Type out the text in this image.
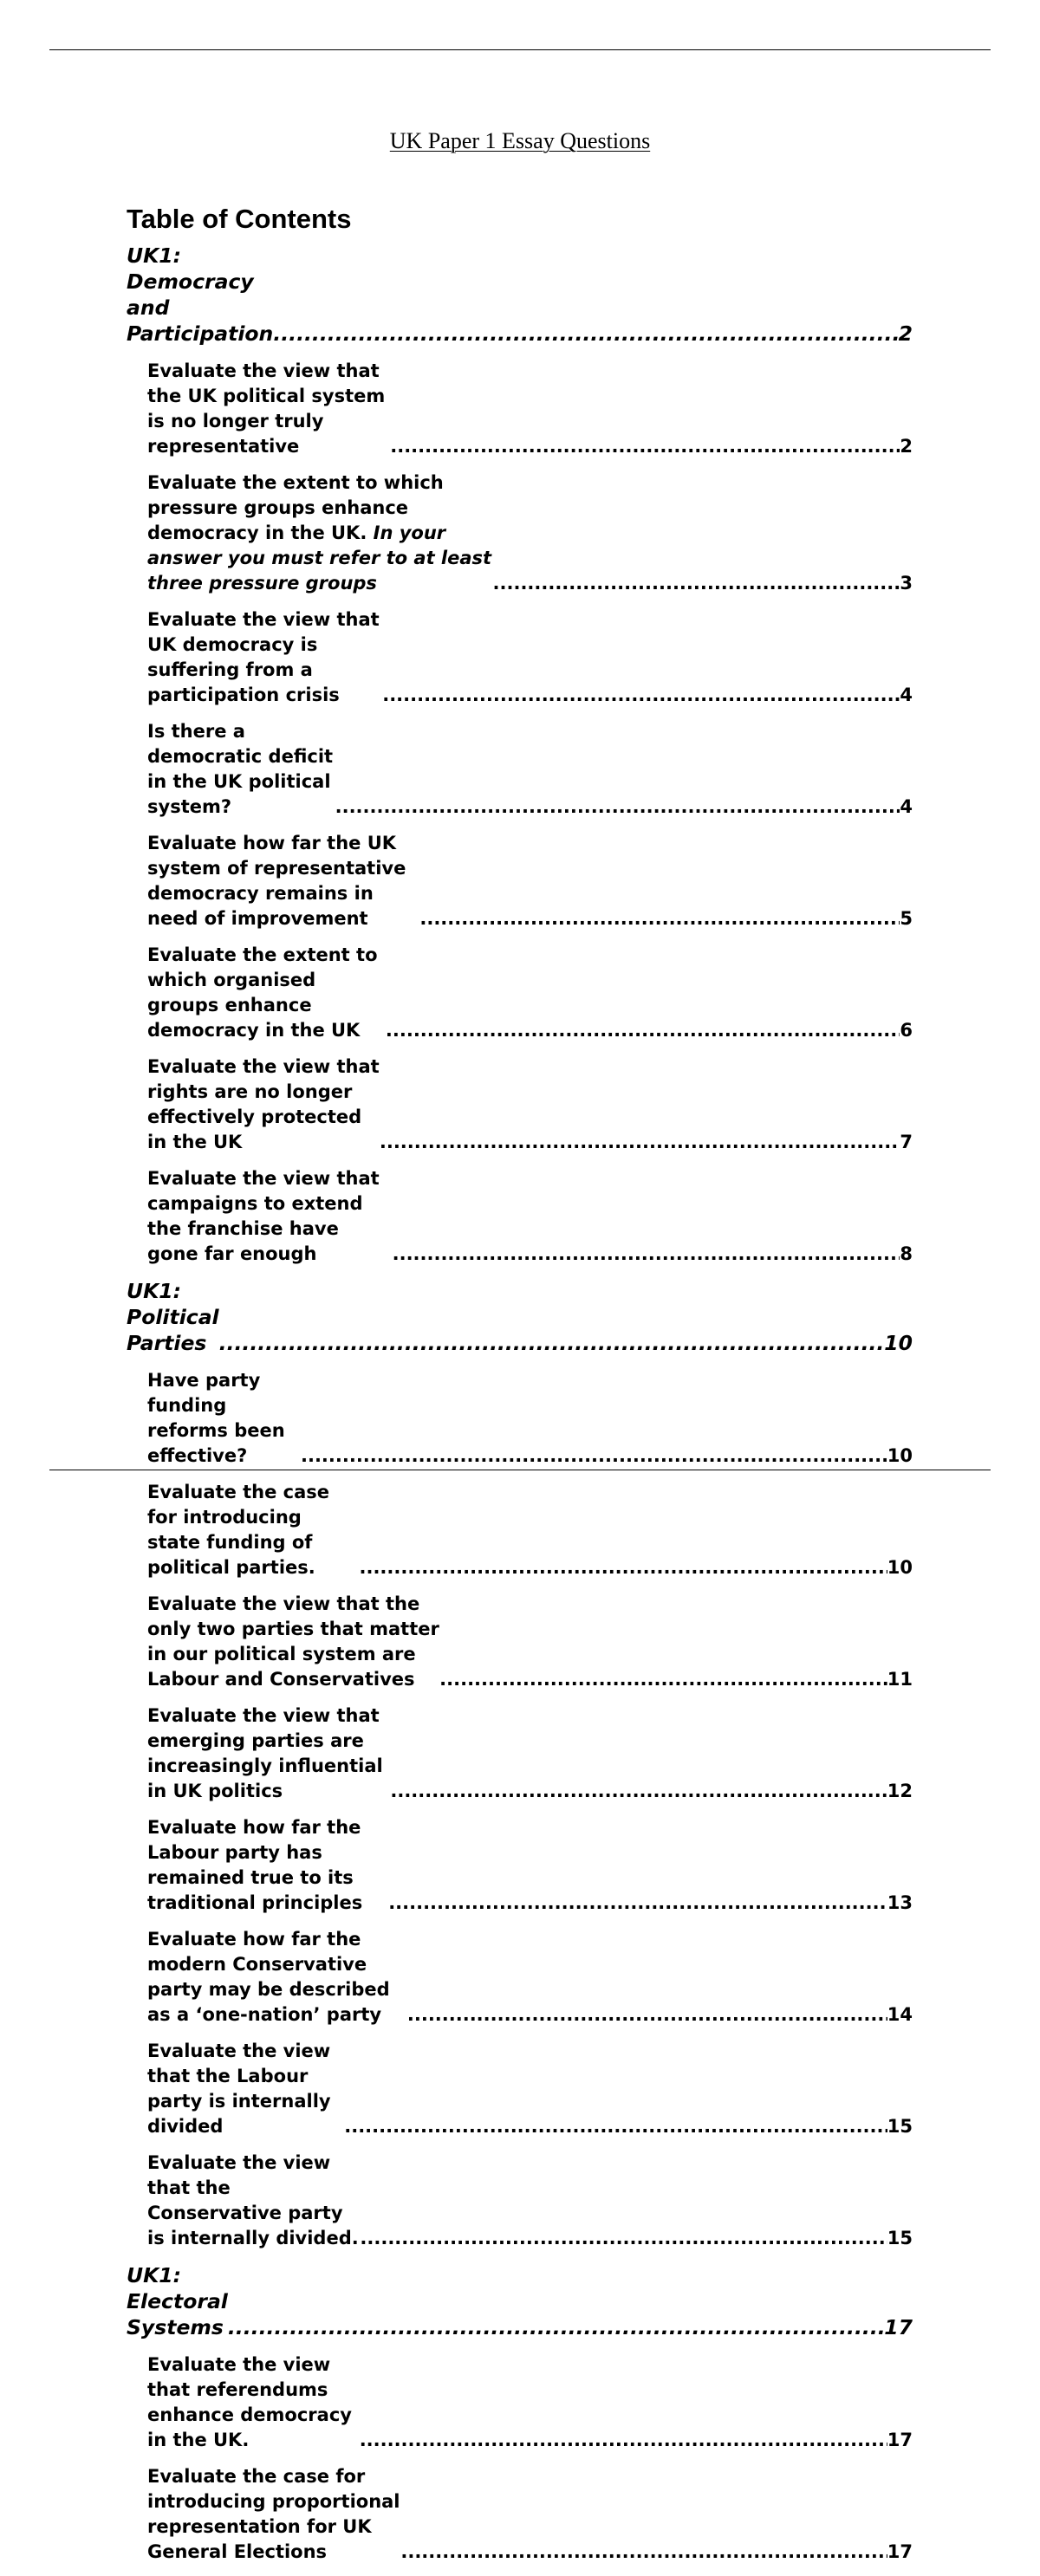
UK Paper 1 Essay Questions
Table of Contents
UK1: Democracy and Participation .....	2
Evaluate the view that the UK political system is no longer truly representative .....	2
Evaluate the extent to which pressure groups enhance democracy in the UK. In your answer you must refer to at least three pressure groups .....	3
Evaluate the view that UK democracy is suffering from a participation crisis .....	4
Is there a democratic deficit in the UK political system? .....	4
Evaluate how far the UK system of representative democracy remains in need of improvement .....	5
Evaluate the extent to which organised groups enhance democracy in the UK .....	6
Evaluate the view that rights are no longer effectively protected in the UK .....	7
Evaluate the view that campaigns to extend the franchise have gone far enough .....	8
UK1: Political Parties .....	10
Have party funding reforms been effective? .....	10
Evaluate the case for introducing state funding of political parties. .....	10
Evaluate the view that the only two parties that matter in our political system are Labour and Conservatives .....	11
Evaluate the view that emerging parties are increasingly influential in UK politics .....	12
Evaluate how far the Labour party has remained true to its traditional principles .....	13
Evaluate how far the modern Conservative party may be described as a ‘one-nation’ party .....	14
Evaluate the view that the Labour party is internally divided .....	15
Evaluate the view that the Conservative party is internally divided. .....	15
UK1: Electoral Systems .....	17
Evaluate the view that referendums enhance democracy in the UK. .....	17
Evaluate the case for introducing proportional representation for UK General Elections .....	17
